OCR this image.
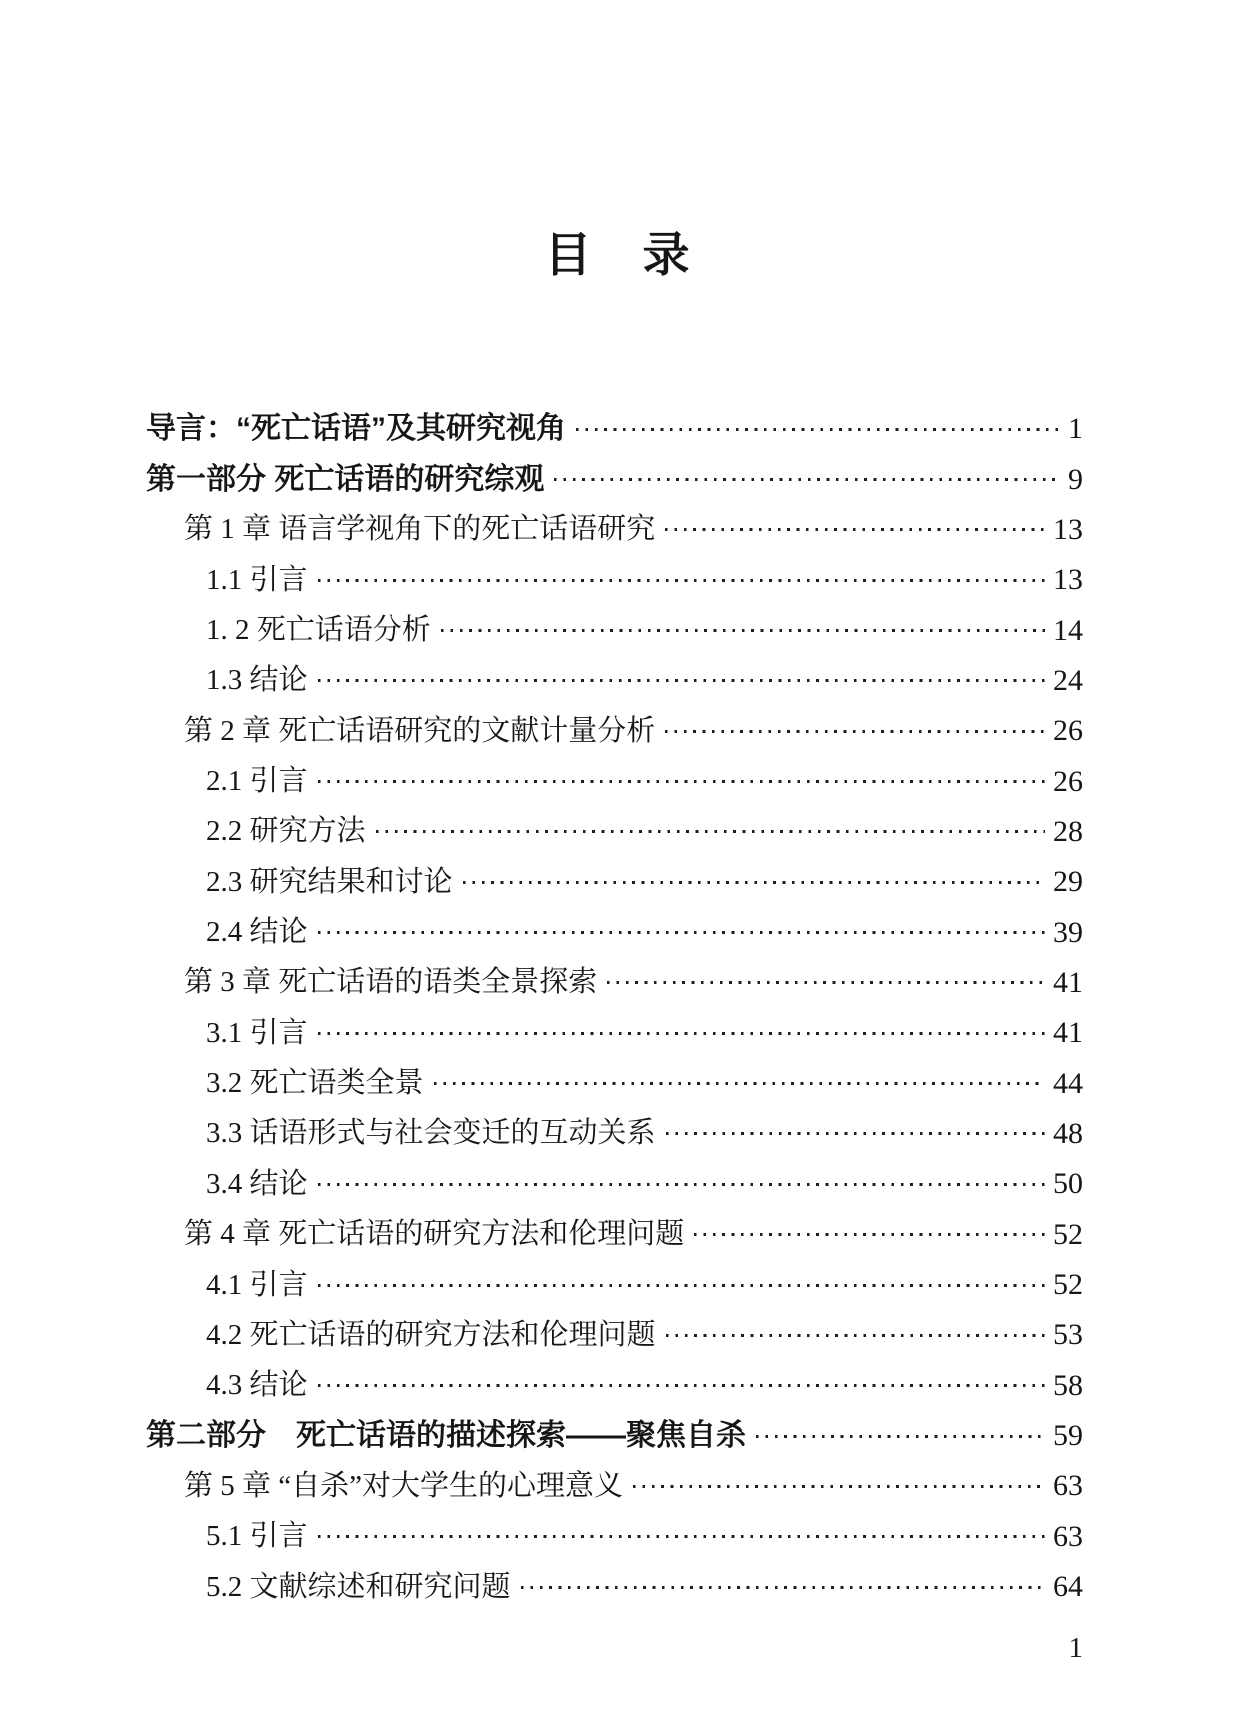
目　录
导言：“死亡话语”及其研究视角	1
第一部分 死亡话语的研究综观	9
第 1 章 语言学视角下的死亡话语研究	13
1.1 引言	13
1. 2 死亡话语分析	14
1.3 结论	24
第 2 章 死亡话语研究的文献计量分析	26
2.1 引言	26
2.2 研究方法	28
2.3 研究结果和讨论	29
2.4 结论	39
第 3 章 死亡话语的语类全景探索	41
3.1 引言	41
3.2 死亡语类全景	44
3.3 话语形式与社会变迁的互动关系	48
3.4 结论	50
第 4 章 死亡话语的研究方法和伦理问题	52
4.1 引言	52
4.2 死亡话语的研究方法和伦理问题	53
4.3 结论	58
第二部分　死亡话语的描述探索——聚焦自杀	59
第 5 章 “自杀”对大学生的心理意义	63
5.1 引言	63
5.2 文献综述和研究问题	64
1
